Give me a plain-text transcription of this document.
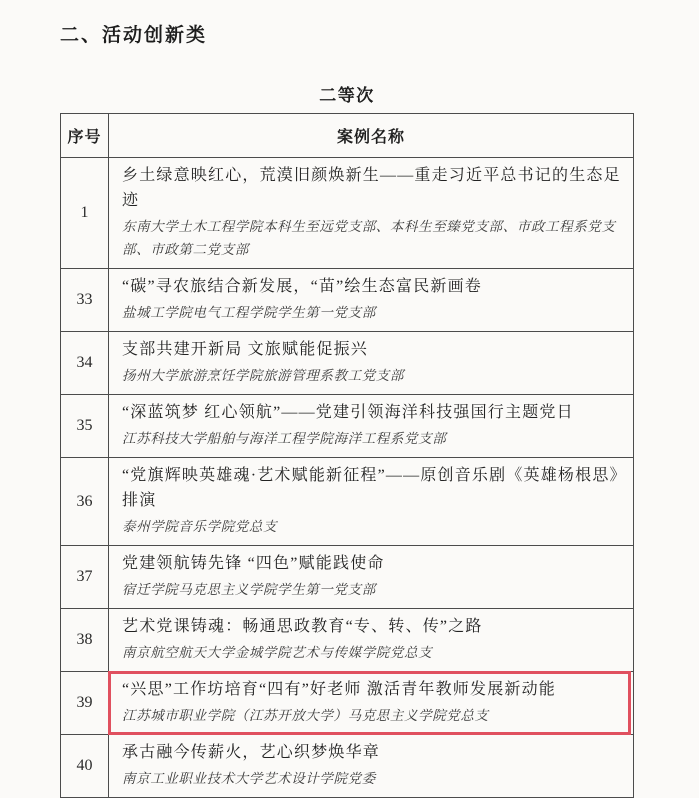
二、活动创新类
二等次
序号	案例名称
1	乡土绿意映红心，荒漠旧颜焕新生——重走习近平总书记的生态足迹
东南大学土木工程学院本科生至远党支部、本科生至臻党支部、市政工程系党支部、市政第二党支部

33	“碳”寻农旅结合新发展，“苗”绘生态富民新画卷
盐城工学院电气工程学院学生第一党支部

34	支部共建开新局 文旅赋能促振兴
扬州大学旅游烹饪学院旅游管理系教工党支部

35	“深蓝筑梦 红心领航”——党建引领海洋科技强国行主题党日
江苏科技大学船舶与海洋工程学院海洋工程系党支部

36	“党旗辉映英雄魂·艺术赋能新征程”——原创音乐剧《英雄杨根思》排演
泰州学院音乐学院党总支

37	党建领航铸先锋 “四色”赋能践使命
宿迁学院马克思主义学院学生第一党支部

38	艺术党课铸魂：畅通思政教育“专、转、传”之路
南京航空航天大学金城学院艺术与传媒学院党总支

39	“兴思”工作坊培育“四有”好老师 激活青年教师发展新动能
江苏城市职业学院（江苏开放大学）马克思主义学院党总支

40	承古融今传薪火，艺心织梦焕华章
南京工业职业技术大学艺术设计学院党委
